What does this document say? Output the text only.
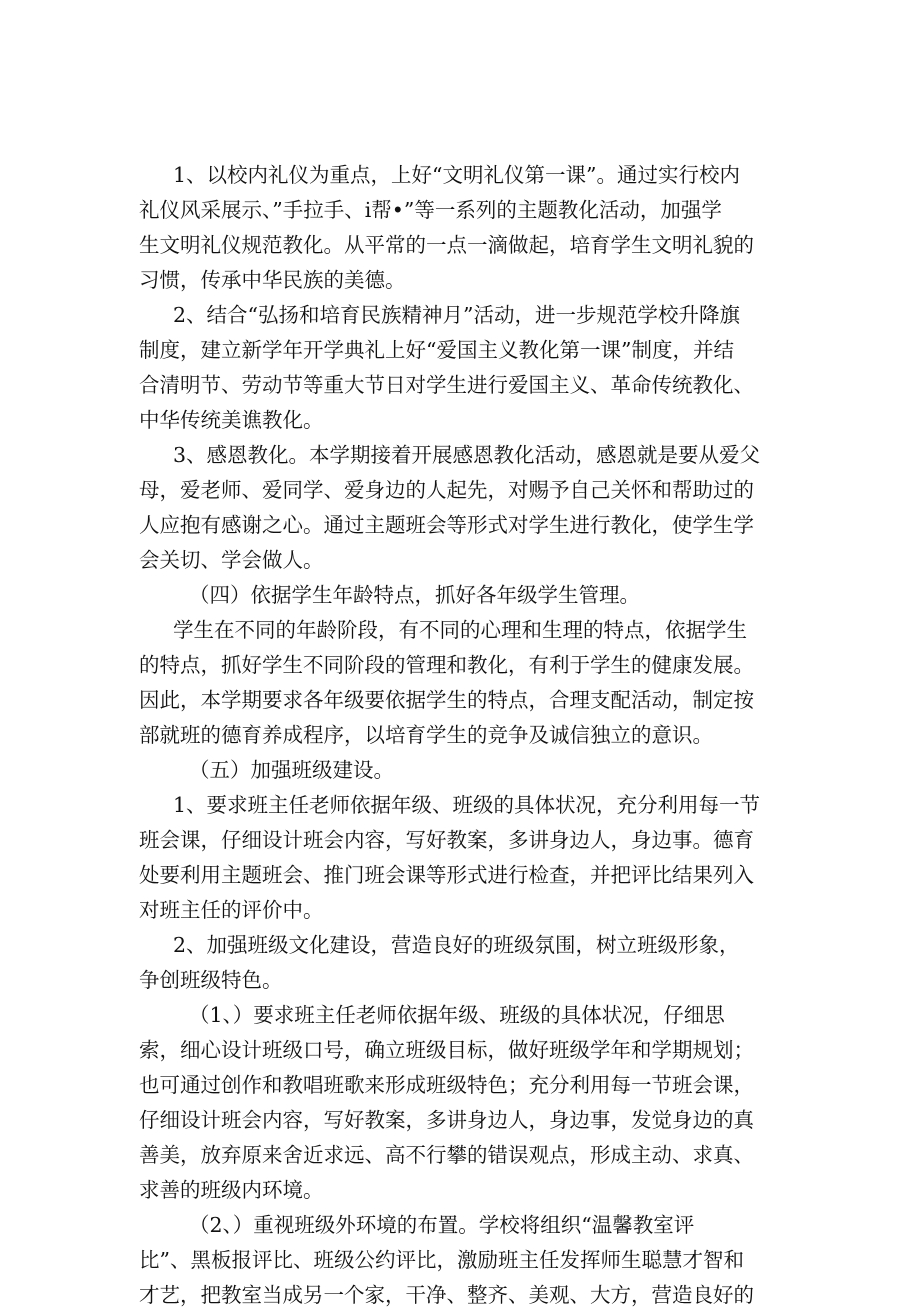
1、以校内礼仪为重点，上好“文明礼仪第一课”。通过实行校内
礼仪风采展示、”手拉手、i帮•”等一系列的主题教化活动，加强学
生文明礼仪规范教化。从平常的一点一滴做起，培育学生文明礼貌的
习惯，传承中华民族的美德。
2、结合“弘扬和培育民族精神月”活动，进一步规范学校升降旗
制度，建立新学年开学典礼上好“爱国主义教化第一课”制度，并结
合清明节、劳动节等重大节日对学生进行爱国主义、革命传统教化、
中华传统美谯教化。
3、感恩教化。本学期接着开展感恩教化活动，感恩就是要从爱父
母，爱老师、爱同学、爱身边的人起先，对赐予自己关怀和帮助过的
人应抱有感谢之心。通过主题班会等形式对学生进行教化，使学生学
会关切、学会做人。
（四）依据学生年龄特点，抓好各年级学生管理。
学生在不同的年龄阶段，有不同的心理和生理的特点，依据学生
的特点，抓好学生不同阶段的管理和教化，有利于学生的健康发展。
因此，本学期要求各年级要依据学生的特点，合理支配活动，制定按
部就班的德育养成程序，以培育学生的竞争及诚信独立的意识。
（五）加强班级建设。
1、要求班主任老师依据年级、班级的具体状况，充分利用每一节
班会课，仔细设计班会内容，写好教案，多讲身边人，身边事。德育
处要利用主题班会、推门班会课等形式进行检查，并把评比结果列入
对班主任的评价中。
2、加强班级文化建设，营造良好的班级氛围，树立班级形象，
争创班级特色。
（1、）要求班主任老师依据年级、班级的具体状况，仔细思
索，细心设计班级口号，确立班级目标，做好班级学年和学期规划；
也可通过创作和教唱班歌来形成班级特色；充分利用每一节班会课，
仔细设计班会内容，写好教案，多讲身边人，身边事，发觉身边的真
善美，放弃原来舍近求远、高不行攀的错误观点，形成主动、求真、
求善的班级内环境。
（2、）重视班级外环境的布置。学校将组织“温馨教室评
比”、黑板报评比、班级公约评比，激励班主任发挥师生聪慧才智和
才艺，把教室当成另一个家，干净、整齐、美观、大方，营造良好的
